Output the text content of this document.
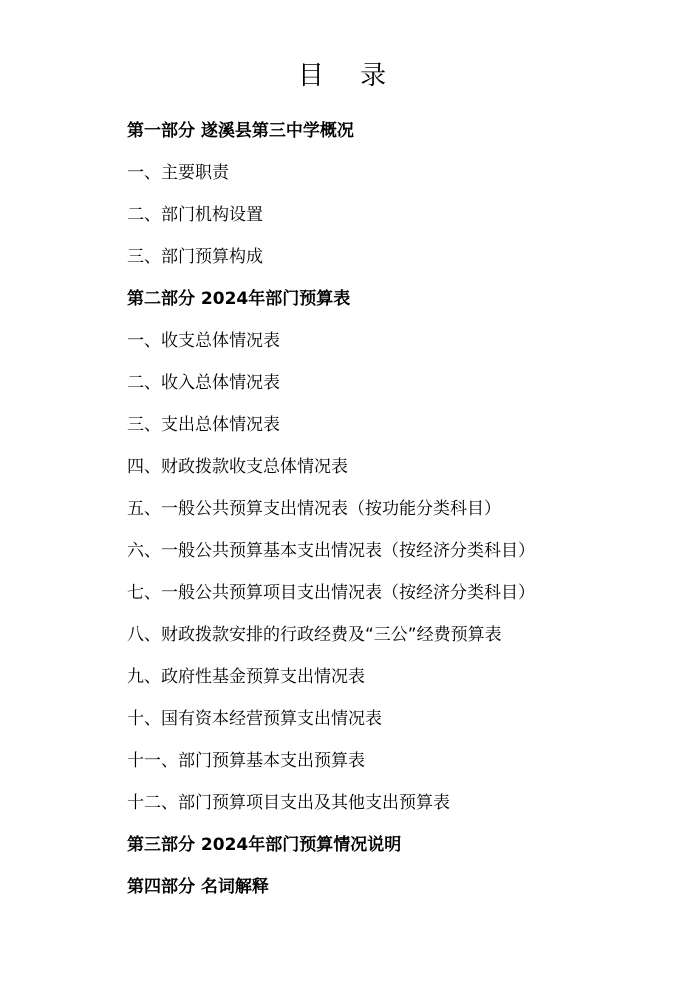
目 录
第一部分 遂溪县第三中学概况
一、主要职责
二、部门机构设置
三、部门预算构成
第二部分 2024年部门预算表
一、收支总体情况表
二、收入总体情况表
三、支出总体情况表
四、财政拨款收支总体情况表
五、一般公共预算支出情况表（按功能分类科目）
六、一般公共预算基本支出情况表（按经济分类科目）
七、一般公共预算项目支出情况表（按经济分类科目）
八、财政拨款安排的行政经费及“三公”经费预算表
九、政府性基金预算支出情况表
十、国有资本经营预算支出情况表
十一、部门预算基本支出预算表
十二、部门预算项目支出及其他支出预算表
第三部分 2024年部门预算情况说明
第四部分 名词解释
